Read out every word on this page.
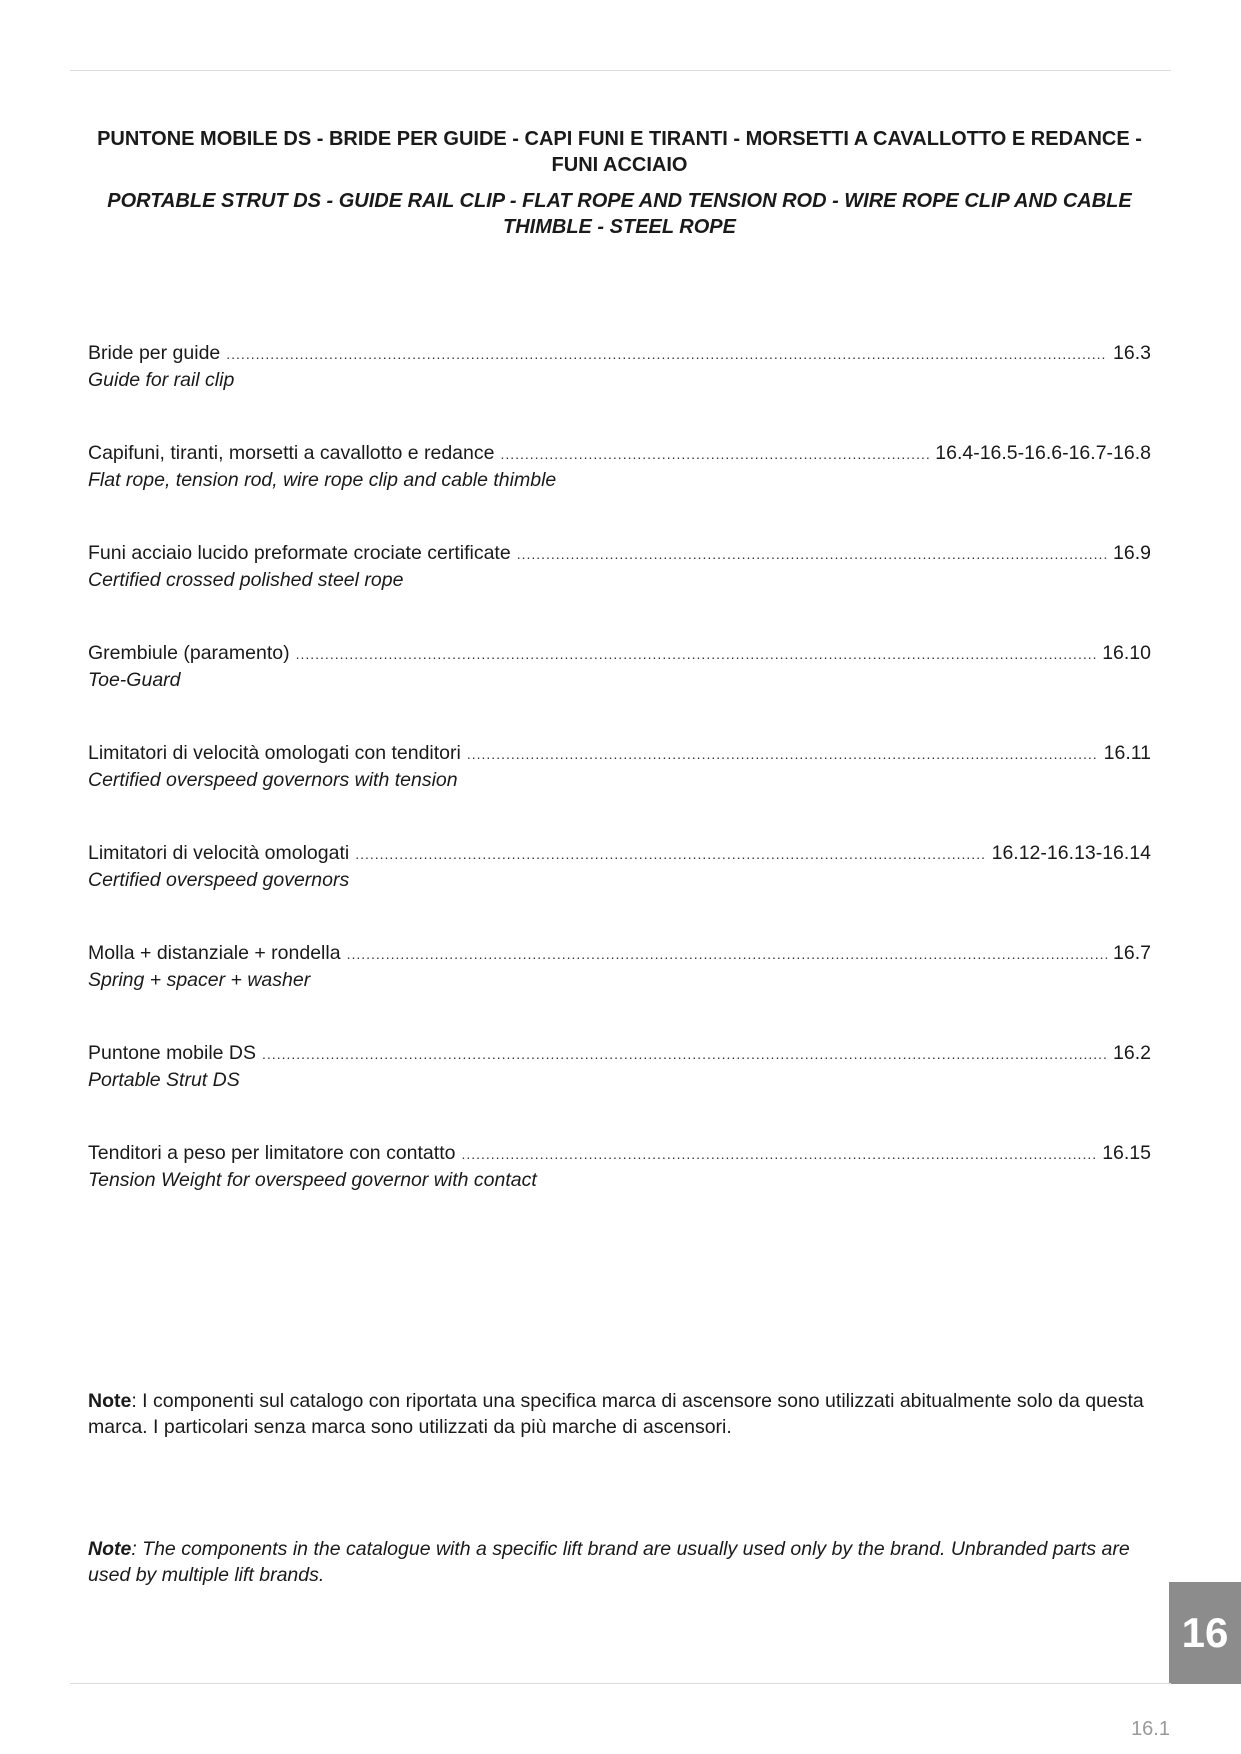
PUNTONE MOBILE DS - BRIDE PER GUIDE - CAPI FUNI E TIRANTI - MORSETTI A CAVALLOTTO E REDANCE - FUNI ACCIAIO

PORTABLE STRUT DS - GUIDE RAIL CLIP - FLAT ROPE AND TENSION ROD - WIRE ROPE CLIP AND CABLE THIMBLE - STEEL ROPE

Bride per guide .....	16.3
Guide for rail clip
Capifuni, tiranti, morsetti a cavallotto e redance .....	16.4-16.5-16.6-16.7-16.8
Flat rope, tension rod, wire rope clip and cable thimble
Funi acciaio lucido preformate crociate certificate .....	16.9
Certified crossed polished steel rope
Grembiule (paramento) .....	16.10
Toe-Guard
Limitatori di velocità omologati con tenditori .....	16.11
Certified overspeed governors with tension
Limitatori di velocità omologati .....	16.12-16.13-16.14
Certified overspeed governors
Molla + distanziale + rondella .....	16.7
Spring + spacer + washer
Puntone mobile DS .....	16.2
Portable Strut DS
Tenditori a peso per limitatore con contatto .....	16.15
Tension Weight for overspeed governor with contact

Note: I componenti sul catalogo con riportata una specifica marca di ascensore sono utilizzati abitualmente solo da questa marca. I particolari senza marca sono utilizzati da più marche di ascensori.

Note: The components in the catalogue with a specific lift brand are usually used only by the brand. Unbranded parts are used by multiple lift brands.

16
16.1
